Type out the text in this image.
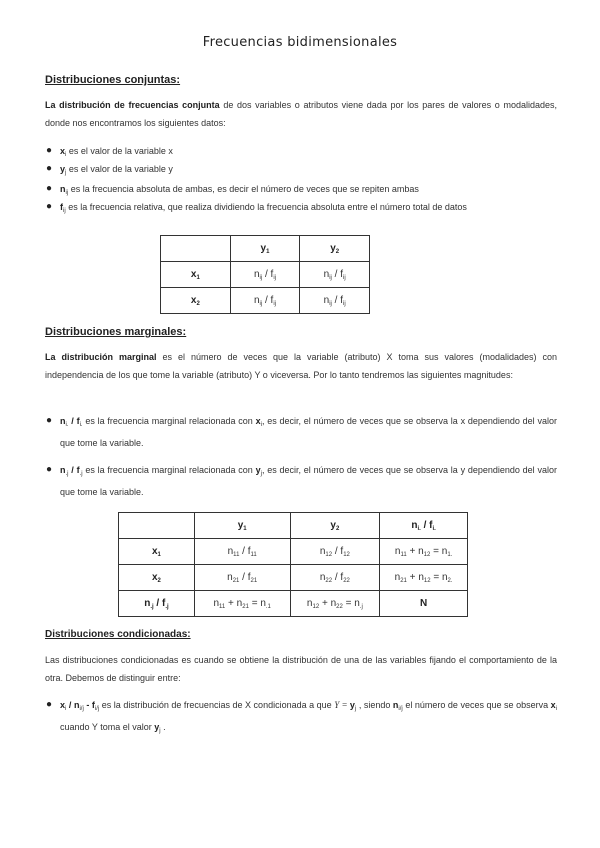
Frecuencias bidimensionales
Distribuciones conjuntas:
La distribución de frecuencias conjunta de dos variables o atributos viene dada por los pares de valores o modalidades, donde nos encontramos los siguientes datos:
● $x_i$ es el valor de la variable x
● $y_j$ es el valor de la variable y
● $n_{ij}$ es la frecuencia absoluta de ambas, es decir el número de veces que se repiten ambas
● $f_{ij}$ es la frecuencia relativa, que realiza dividiendo la frecuencia absoluta entre el número total de datos
	$y_1$	$y_2$
$x_1$	$n_{ij} / f_{ij}$	$n_{ij} / f_{ij}$
$x_2$	$n_{ij} / f_{ij}$	$n_{ij} / f_{ij}$
Distribuciones marginales:
La distribución marginal es el número de veces que la variable (atributo) X toma sus valores (modalidades) con independencia de los que tome la variable (atributo) Y o viceversa. Por lo tanto tendremos las siguientes magnitudes:
● $n_{i.} / f_{i.}$ es la frecuencia marginal relacionada con $x_i$, es decir, el número de veces que se observa la x dependiendo del valor que tome la variable.
● $n_{.j} / f_{.j}$ es la frecuencia marginal relacionada con $y_j$, es decir, el número de veces que se observa la y dependiendo del valor que tome la variable.
	$y_1$	$y_2$	$n_{i.} / f_{i.}$
$x_1$	$n_{11} / f_{11}$	$n_{12} / f_{12}$	$n_{11} + n_{12} = n_{1.}$
$x_2$	$n_{21} / f_{21}$	$n_{22} / f_{22}$	$n_{21} + n_{12} = n_{2.}$
$n_{.j} / f_{.j}$	$n_{11} + n_{21} = n_{.1}$	$n_{12} + n_{22} = n_{.j}$	N
Distribuciones condicionadas:
Las distribuciones condicionadas es cuando se obtiene la distribución de una de las variables fijando el comportamiento de la otra. Debemos de distinguir entre:
● $x_i / n_{i/j} - f_{i/j}$ es la distribución de frecuencias de X condicionada a que $Y = y_j$ , siendo $n_{i/j}$ el número de veces que se observa $x_i$ cuando Y toma el valor $y_j$ .
